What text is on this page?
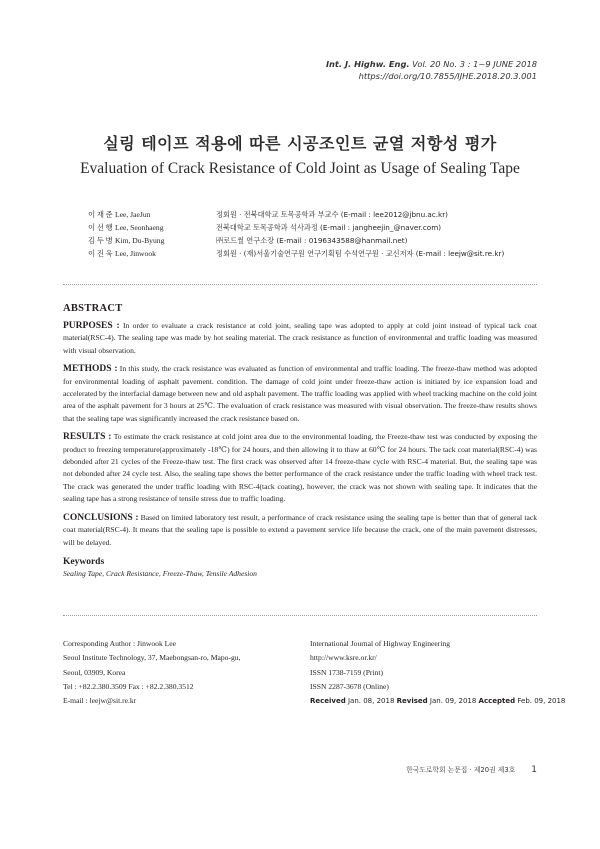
Int. J. Highw. Eng. Vol. 20 No. 3 : 1~9 JUNE 2018
https://doi.org/10.7855/IJHE.2018.20.3.001
실링 테이프 적용에 따른 시공조인트 균열 저항성 평가
Evaluation of Crack Resistance of Cold Joint as Usage of Sealing Tape
이재준 Lee, JaeJun	정회원 · 전북대학교 토목공학과 부교수 (E-mail : lee2012@jbnu.ac.kr)
이선행 Lee, Seonhaeng	전북대학교 토목공학과 석사과정 (E-mail : jangheejin_@naver.com)
김두병 Kim, Du-Byung	㈜로드씰 연구소장 (E-mail : 0196343588@hanmail.net)
이진욱 Lee, Jinwook	정회원 · (재)서울기술연구원 연구기획팀 수석연구원 · 교신저자 (E-mail : leejw@sit.re.kr)
ABSTRACT

PURPOSES : In order to evaluate a crack resistance at cold joint, sealing tape was adopted to apply at cold joint instead of typical tack coat material(RSC-4). The sealing tape was made by hot sealing material. The crack resistance as function of environmental and traffic loading was measured with visual observation.

METHODS : In this study, the crack resistance was evaluated as function of environmental and traffic loading. The freeze-thaw method was adopted for environmental loading of asphalt pavement. condition. The damage of cold joint under freeze-thaw action is initiated by ice expansion load and accelerated by the interfacial damage between new and old asphalt pavement. The traffic loading was applied with wheel tracking machine on the cold joint area of the asphalt pavement for 3 hours at 25℃. The evaluation of crack resistance was measured with visual observation. The freeze-thaw results shows that the sealing tape was significantly increased the crack resistance based on.

RESULTS : To estimate the crack resistance at cold joint area due to the environmental loading, the Freeze-thaw test was conducted by exposing the product to freezing temperature(approximately -18℃) for 24 hours, and then allowing it to thaw at 60℃ for 24 hours. The tack coat material(RSC-4) was debonded after 21 cycles of the Freeze-thaw test. The first crack was observed after 14 freeze-thaw cycle with RSC-4 material. But, the sealing tape was not debonded after 24 cycle test. Also, the sealing tape shows the better performance of the crack resistance under the traffic loading with wheel track test. The crack was generated the under traffic loading with RSC-4(tack coating), however, the crack was not shown with sealing tape. It indicates that the sealing tape has a strong resistance of tensile stress due to traffic loading.

CONCLUSIONS : Based on limited laboratory test result, a performance of crack resistance using the sealing tape is better than that of general tack coat material(RSC-4). It means that the sealing tape is possible to extend a pavement service life because the crack, one of the main pavement distresses, will be delayed.

Keywords
Sealing Tape, Crack Resistance, Freeze-Thaw, Tensile Adhesion
Corresponding Author : Jinwook Lee
Seoul Institute Technology, 37, Maebongsan-ro, Mapo-gu,
Seoul, 03909, Korea
Tel : +82.2.380.3509 Fax : +82.2.380.3512
E-mail : leejw@sit.re.kr
International Journal of Highway Engineering
http://www.ksre.or.kr/
ISSN 1738-7159 (Print)
ISSN 2287-3678 (Online)
Received Jan. 08, 2018 Revised Jan. 09, 2018 Accepted Feb. 09, 2018
한국도로학회 논문집 · 제20권 제3호 1
